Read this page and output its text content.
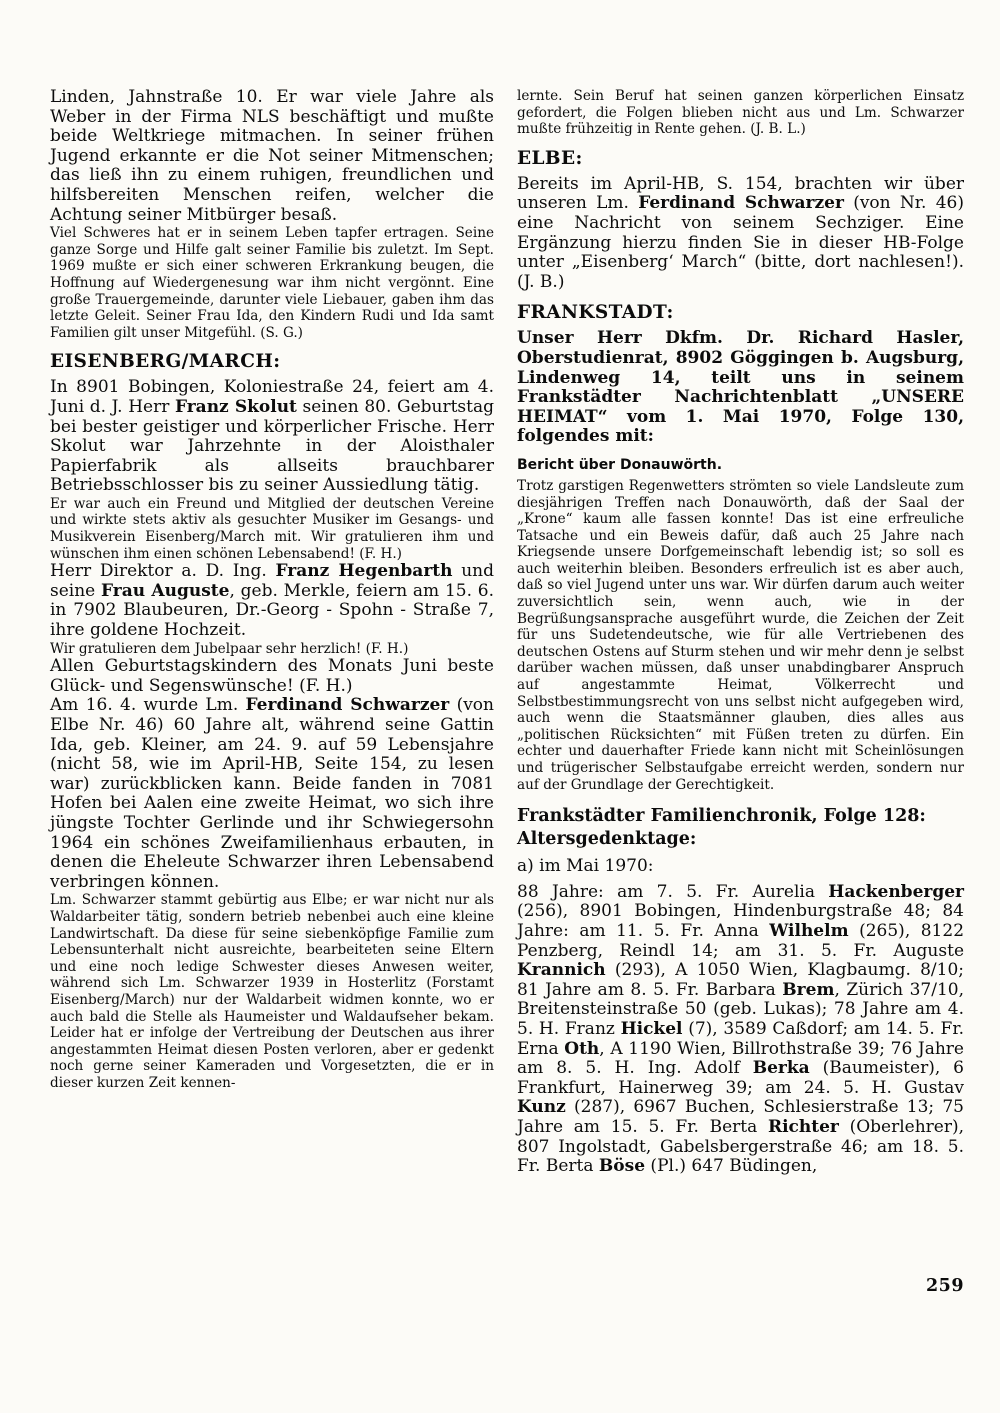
Linden, Jahnstraße 10. Er war viele Jahre als Weber in der Firma NLS beschäftigt und mußte beide Weltkriege mitmachen. In seiner frühen Jugend erkannte er die Not seiner Mitmenschen; das ließ ihn zu einem ruhigen, freundlichen und hilfsbereiten Menschen reifen, welcher die Achtung seiner Mitbürger besaß.

Viel Schweres hat er in seinem Leben tapfer ertragen. Seine ganze Sorge und Hilfe galt seiner Familie bis zuletzt. Im Sept. 1969 mußte er sich einer schweren Erkrankung beugen, die Hoffnung auf Wiedergenesung war ihm nicht vergönnt. Eine große Trauergemeinde, darunter viele Liebauer, gaben ihm das letzte Geleit. Seiner Frau Ida, den Kindern Rudi und Ida samt Familien gilt unser Mitgefühl. (S. G.)

EISENBERG/MARCH:

In 8901 Bobingen, Koloniestraße 24, feiert am 4. Juni d. J. Herr Franz Skolut seinen 80. Geburtstag bei bester geistiger und körperlicher Frische. Herr Skolut war Jahrzehnte in der Aloisthaler Papierfabrik als allseits brauchbarer Betriebsschlosser bis zu seiner Aussiedlung tätig.

Er war auch ein Freund und Mitglied der deutschen Vereine und wirkte stets aktiv als gesuchter Musiker im Gesangs- und Musikverein Eisenberg/March mit. Wir gratulieren ihm und wünschen ihm einen schönen Lebensabend! (F. H.)

Herr Direktor a. D. Ing. Franz Hegenbarth und seine Frau Auguste, geb. Merkle, feiern am 15. 6. in 7902 Blaubeuren, Dr.-Georg - Spohn - Straße 7, ihre goldene Hochzeit.

Wir gratulieren dem Jubelpaar sehr herzlich! (F. H.)

Allen Geburtstagskindern des Monats Juni beste Glück- und Segenswünsche! (F. H.)

Am 16. 4. wurde Lm. Ferdinand Schwarzer (von Elbe Nr. 46) 60 Jahre alt, während seine Gattin Ida, geb. Kleiner, am 24. 9. auf 59 Lebensjahre (nicht 58, wie im April-HB, Seite 154, zu lesen war) zurückblicken kann. Beide fanden in 7081 Hofen bei Aalen eine zweite Heimat, wo sich ihre jüngste Tochter Gerlinde und ihr Schwiegersohn 1964 ein schönes Zweifamilienhaus erbauten, in denen die Eheleute Schwarzer ihren Lebensabend verbringen können.

Lm. Schwarzer stammt gebürtig aus Elbe; er war nicht nur als Waldarbeiter tätig, sondern betrieb nebenbei auch eine kleine Landwirtschaft. Da diese für seine siebenköpfige Familie zum Lebensunterhalt nicht ausreichte, bearbeiteten seine Eltern und eine noch ledige Schwester dieses Anwesen weiter, während sich Lm. Schwarzer 1939 in Hosterlitz (Forstamt Eisenberg/March) nur der Waldarbeit widmen konnte, wo er auch bald die Stelle als Haumeister und Waldaufseher bekam. Leider hat er infolge der Vertreibung der Deutschen aus ihrer angestammten Heimat diesen Posten verloren, aber er gedenkt noch gerne seiner Kameraden und Vorgesetzten, die er in dieser kurzen Zeit kennen-

lernte. Sein Beruf hat seinen ganzen körperlichen Einsatz gefordert, die Folgen blieben nicht aus und Lm. Schwarzer mußte frühzeitig in Rente gehen. (J. B. L.)

ELBE:

Bereits im April-HB, S. 154, brachten wir über unseren Lm. Ferdinand Schwarzer (von Nr. 46) eine Nachricht von seinem Sechziger. Eine Ergänzung hierzu finden Sie in dieser HB-Folge unter „Eisenberg‘ March“ (bitte, dort nachlesen!). (J. B.)

FRANKSTADT:

Unser Herr Dkfm. Dr. Richard Hasler, Oberstudienrat, 8902 Göggingen b. Augsburg, Lindenweg 14, teilt uns in seinem Frankstädter Nachrichtenblatt „UNSERE HEIMAT“ vom 1. Mai 1970, Folge 130, folgendes mit:

Bericht über Donauwörth.

Trotz garstigen Regenwetters strömten so viele Landsleute zum diesjährigen Treffen nach Donauwörth, daß der Saal der „Krone“ kaum alle fassen konnte! Das ist eine erfreuliche Tatsache und ein Beweis dafür, daß auch 25 Jahre nach Kriegsende unsere Dorfgemeinschaft lebendig ist; so soll es auch weiterhin bleiben. Besonders erfreulich ist es aber auch, daß so viel Jugend unter uns war. Wir dürfen darum auch weiter zuversichtlich sein, wenn auch, wie in der Begrüßungsansprache ausgeführt wurde, die Zeichen der Zeit für uns Sudetendeutsche, wie für alle Vertriebenen des deutschen Ostens auf Sturm stehen und wir mehr denn je selbst darüber wachen müssen, daß unser unabdingbarer Anspruch auf angestammte Heimat, Völkerrecht und Selbstbestimmungsrecht von uns selbst nicht aufgegeben wird, auch wenn die Staatsmänner glauben, dies alles aus „politischen Rücksichten“ mit Füßen treten zu dürfen. Ein echter und dauerhafter Friede kann nicht mit Scheinlösungen und trügerischer Selbstaufgabe erreicht werden, sondern nur auf der Grundlage der Gerechtigkeit.

Frankstädter Familienchronik, Folge 128: Altersgedenktage:

a) im Mai 1970:

88 Jahre: am 7. 5. Fr. Aurelia Hackenberger (256), 8901 Bobingen, Hindenburgstraße 48; 84 Jahre: am 11. 5. Fr. Anna Wilhelm (265), 8122 Penzberg, Reindl 14; am 31. 5. Fr. Auguste Krannich (293), A 1050 Wien, Klagbaumg. 8/10; 81 Jahre am 8. 5. Fr. Barbara Brem, Zürich 37/10, Breitensteinstraße 50 (geb. Lukas); 78 Jahre am 4. 5. H. Franz Hickel (7), 3589 Caßdorf; am 14. 5. Fr. Erna Oth, A 1190 Wien, Billrothstraße 39; 76 Jahre am 8. 5. H. Ing. Adolf Berka (Baumeister), 6 Frankfurt, Hainerweg 39; am 24. 5. H. Gustav Kunz (287), 6967 Buchen, Schlesierstraße 13; 75 Jahre am 15. 5. Fr. Berta Richter (Oberlehrer), 807 Ingolstadt, Gabelsbergerstraße 46; am 18. 5. Fr. Berta Böse (Pl.) 647 Büdingen,

259
